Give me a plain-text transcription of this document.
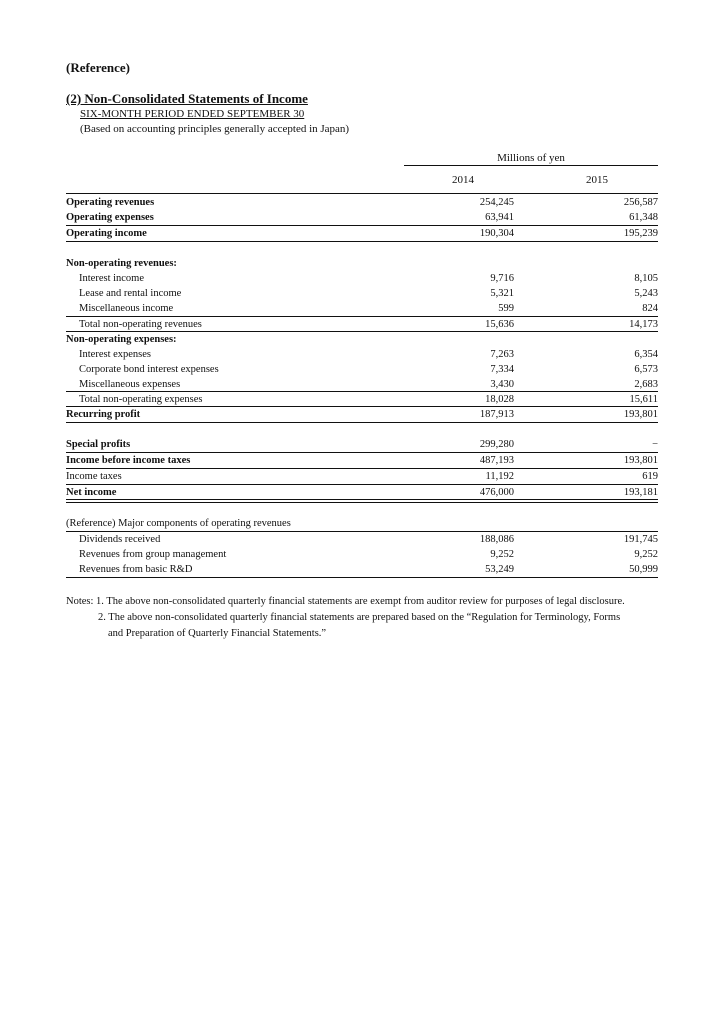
(Reference)
(2) Non-Consolidated Statements of Income
SIX-MONTH PERIOD ENDED SEPTEMBER 30
(Based on accounting principles generally accepted in Japan)
Millions of yen
2014	2015
Operating revenues	254,245	256,587
Operating expenses	63,941	61,348
Operating income	190,304	195,239
Non-operating revenues:
Interest income	9,716	8,105
Lease and rental income	5,321	5,243
Miscellaneous income	599	824
Total non-operating revenues	15,636	14,173
Non-operating expenses:
Interest expenses	7,263	6,354
Corporate bond interest expenses	7,334	6,573
Miscellaneous expenses	3,430	2,683
Total non-operating expenses	18,028	15,611
Recurring profit	187,913	193,801
Special profits	299,280	−
Income before income taxes	487,193	193,801
Income taxes	11,192	619
Net income	476,000	193,181
(Reference) Major components of operating revenues
Dividends received	188,086	191,745
Revenues from group management	9,252	9,252
Revenues from basic R&D	53,249	50,999
Notes: 1. The above non-consolidated quarterly financial statements are exempt from auditor review for purposes of legal disclosure.
2. The above non-consolidated quarterly financial statements are prepared based on the “Regulation for Terminology, Forms
and Preparation of Quarterly Financial Statements.”
